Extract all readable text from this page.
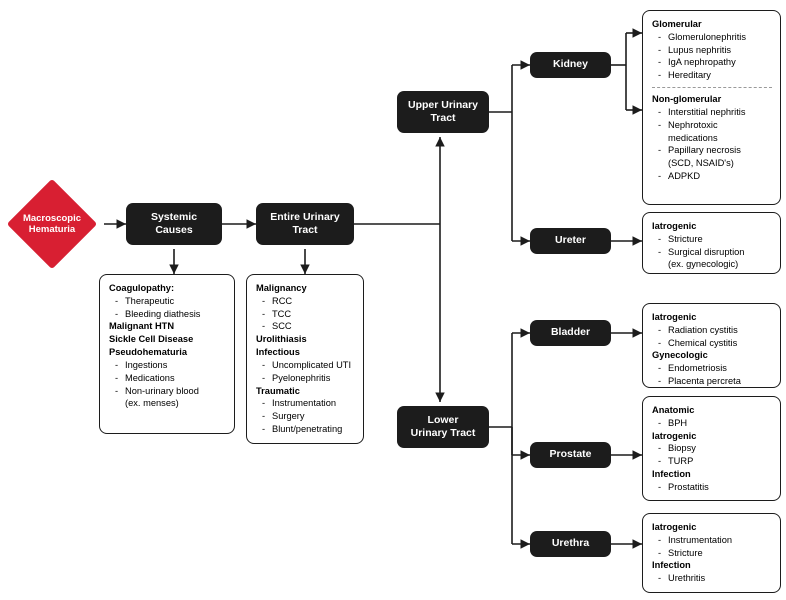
Macroscopic
Hematuria
Systemic
Causes
Entire Urinary
Tract
Upper Urinary
Tract
Lower
Urinary Tract
Kidney
Ureter
Bladder
Prostate
Urethra
Coagulopathy:
- Therapeutic
- Bleeding diathesis
Malignant HTN
Sickle Cell Disease
Pseudohematuria
- Ingestions
- Medications
- Non-urinary blood
(ex. menses)
Malignancy
- RCC
- TCC
- SCC
Urolithiasis
Infectious
- Uncomplicated UTI
- Pyelonephritis
Traumatic
- Instrumentation
- Surgery
- Blunt/penetrating
Glomerular
- Glomerulonephritis
- Lupus nephritis
- IgA nephropathy
- Hereditary
Non-glomerular
- Interstitial nephritis
- Nephrotoxic
medications
- Papillary necrosis
(SCD, NSAID's)
- ADPKD
Iatrogenic
- Stricture
- Surgical disruption
(ex. gynecologic)
Iatrogenic
- Radiation cystitis
- Chemical cystitis
Gynecologic
- Endometriosis
- Placenta percreta
Anatomic
- BPH
Iatrogenic
- Biopsy
- TURP
Infection
- Prostatitis
Iatrogenic
- Instrumentation
- Stricture
Infection
- Urethritis
